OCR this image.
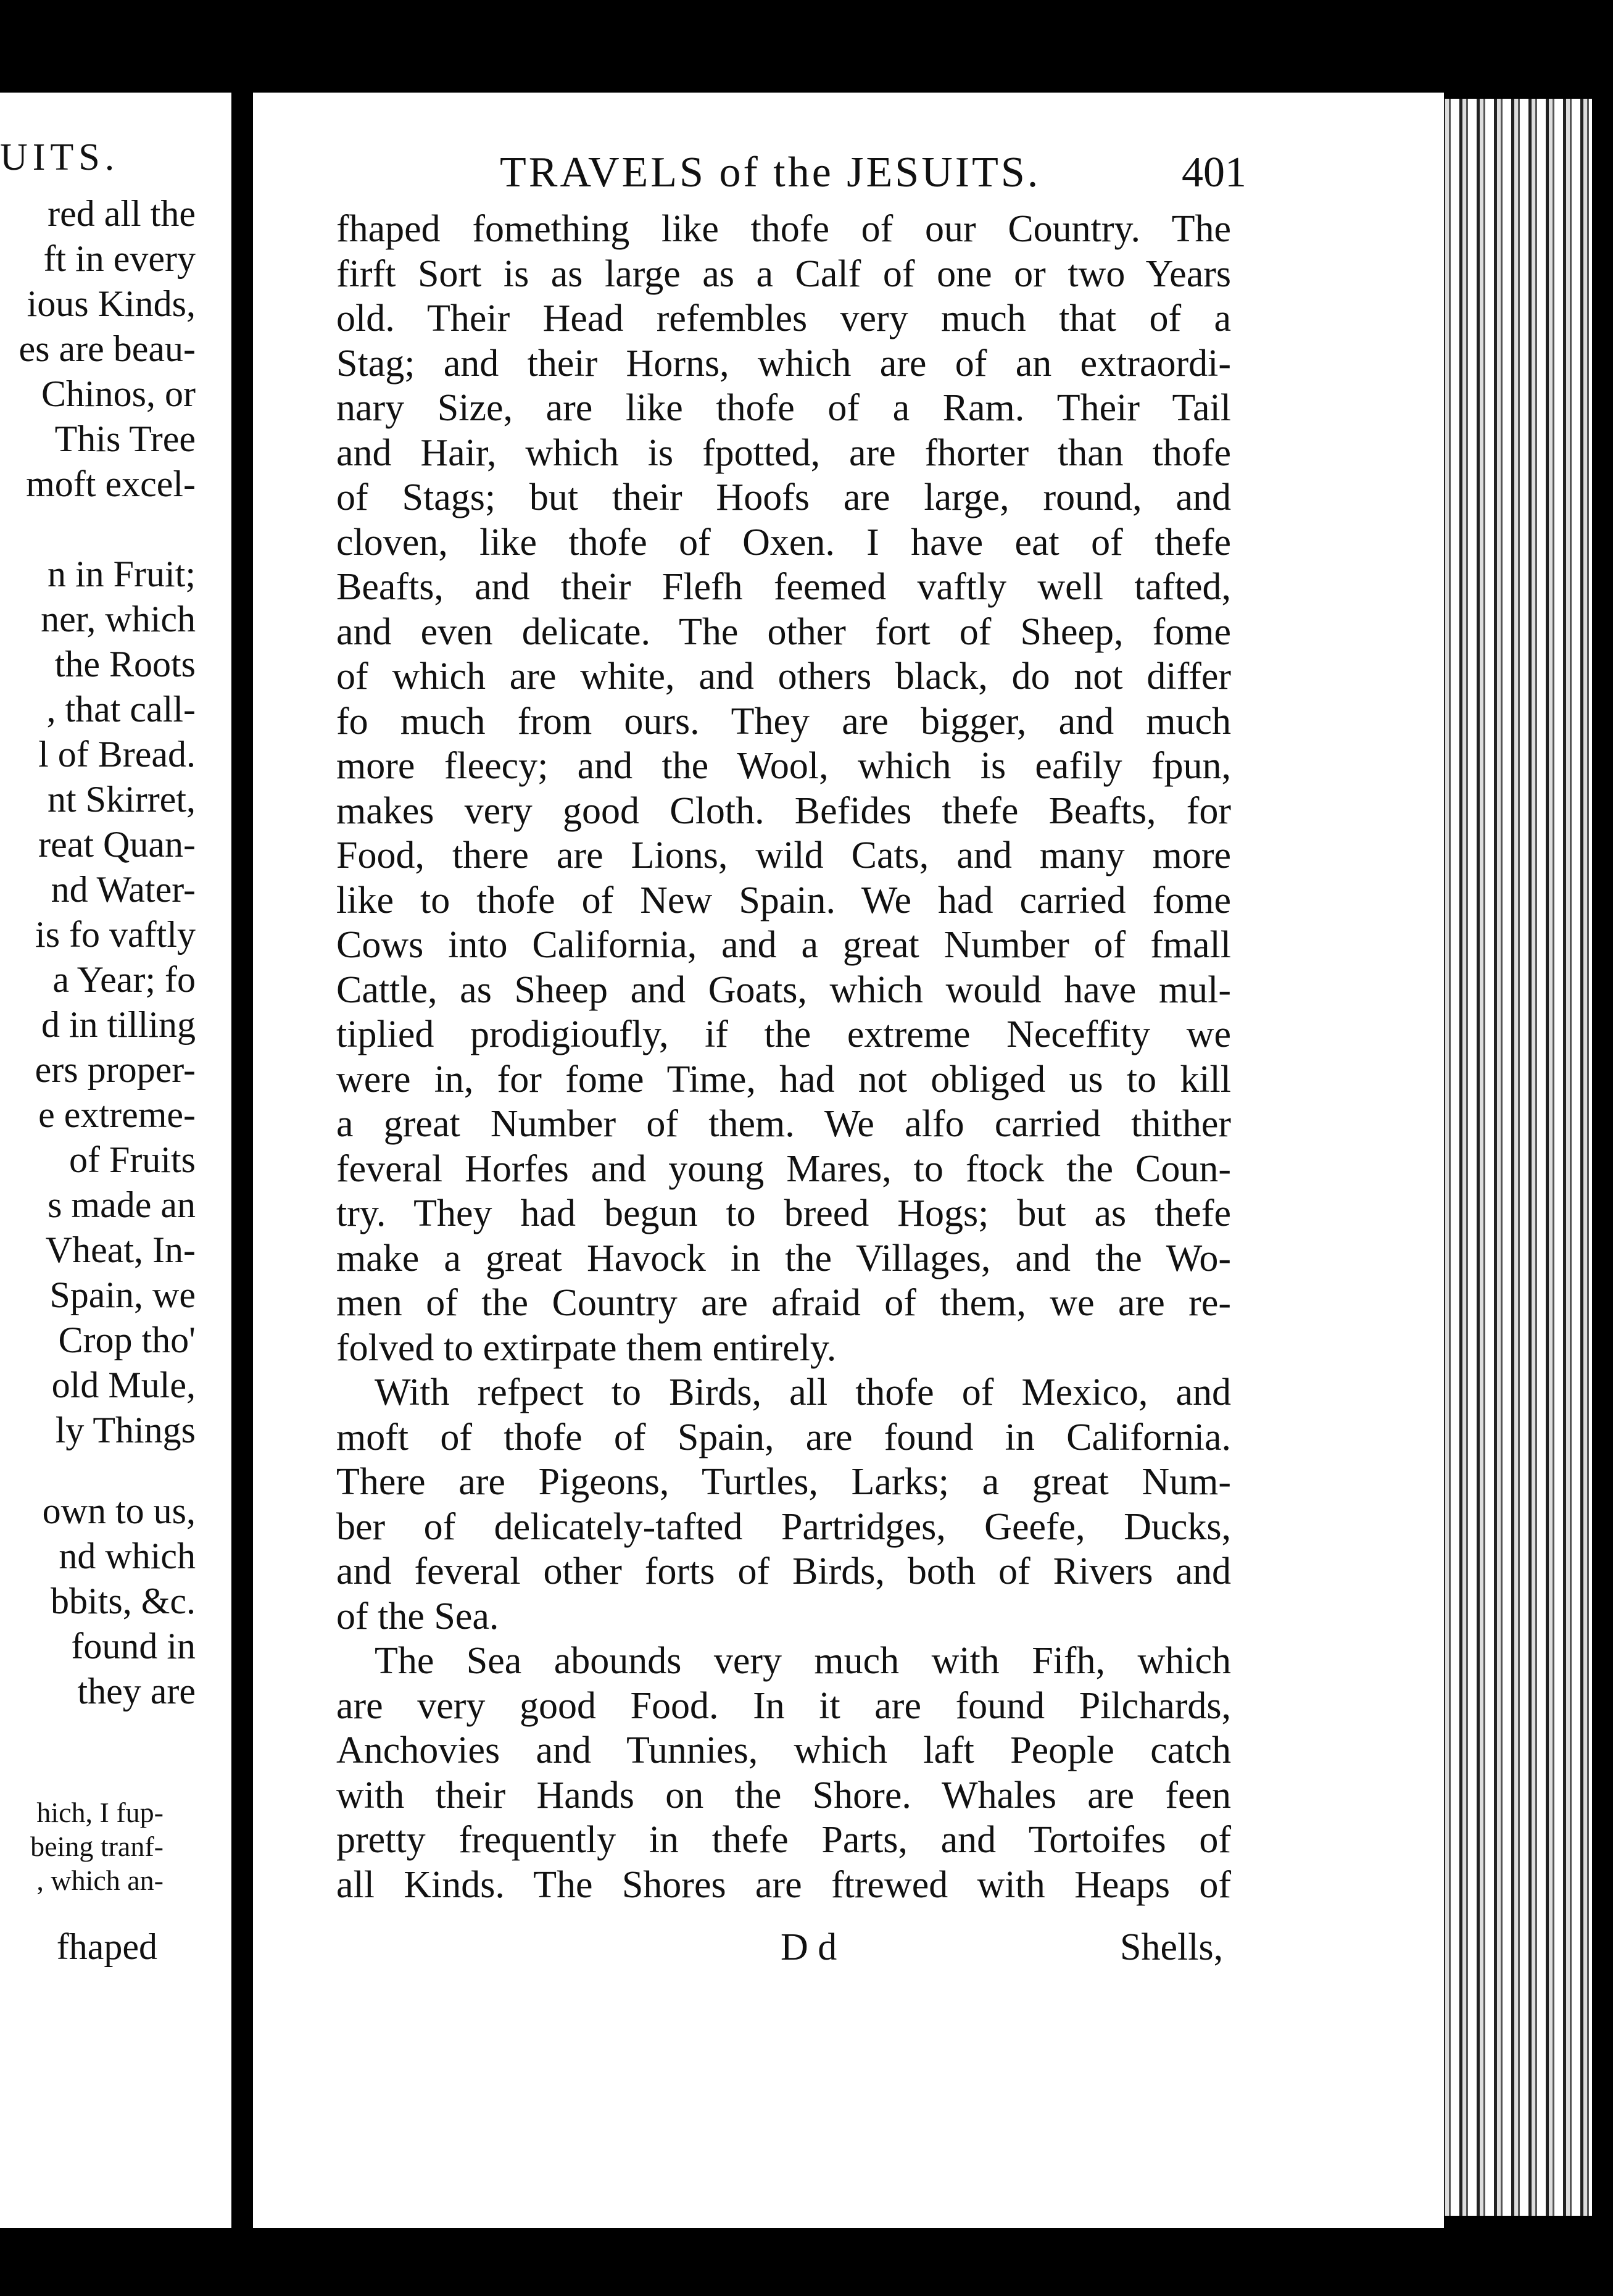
UITS.
fhaped
red all the
ft in every
ious Kinds,
es are beau-
Chinos, or
This Tree
moft excel-
n in Fruit;
ner, which
the Roots
, that call-
l of Bread.
nt Skirret,
reat Quan-
nd Water-
is fo vaftly
a Year; fo
d in tilling
ers proper-
e extreme-
of Fruits
s made an
Vheat, In-
Spain, we
Crop tho'
old Mule,
ly Things
own to us,
nd which
bbits, &c.
found in
they are
hich, I fup-
being tranf-
, which an-
TRAVELS of the JESUITS.	401
fhaped fomething like thofe of our Country. The
firft Sort is as large as a Calf of one or two Years
old. Their Head refembles very much that of a
Stag; and their Horns, which are of an extraordi-
nary Size, are like thofe of a Ram. Their Tail
and Hair, which is fpotted, are fhorter than thofe
of Stags; but their Hoofs are large, round, and
cloven, like thofe of Oxen. I have eat of thefe
Beafts, and their Flefh feemed vaftly well tafted,
and even delicate. The other fort of Sheep, fome
of which are white, and others black, do not differ
fo much from ours. They are bigger, and much
more fleecy; and the Wool, which is eafily fpun,
makes very good Cloth. Befides thefe Beafts, for
Food, there are Lions, wild Cats, and many more
like to thofe of New Spain. We had carried fome
Cows into California, and a great Number of fmall
Cattle, as Sheep and Goats, which would have mul-
tiplied prodigioufly, if the extreme Neceffity we
were in, for fome Time, had not obliged us to kill
a great Number of them. We alfo carried thither
feveral Horfes and young Mares, to ftock the Coun-
try. They had begun to breed Hogs; but as thefe
make a great Havock in the Villages, and the Wo-
men of the Country are afraid of them, we are re-
folved to extirpate them entirely.
With refpect to Birds, all thofe of Mexico, and
moft of thofe of Spain, are found in California.
There are Pigeons, Turtles, Larks; a great Num-
ber of delicately-tafted Partridges, Geefe, Ducks,
and feveral other forts of Birds, both of Rivers and
of the Sea.
The Sea abounds very much with Fifh, which
are very good Food. In it are found Pilchards,
Anchovies and Tunnies, which laft People catch
with their Hands on the Shore. Whales are feen
pretty frequently in thefe Parts, and Tortoifes of
all Kinds. The Shores are ftrewed with Heaps of
D d	Shells,
